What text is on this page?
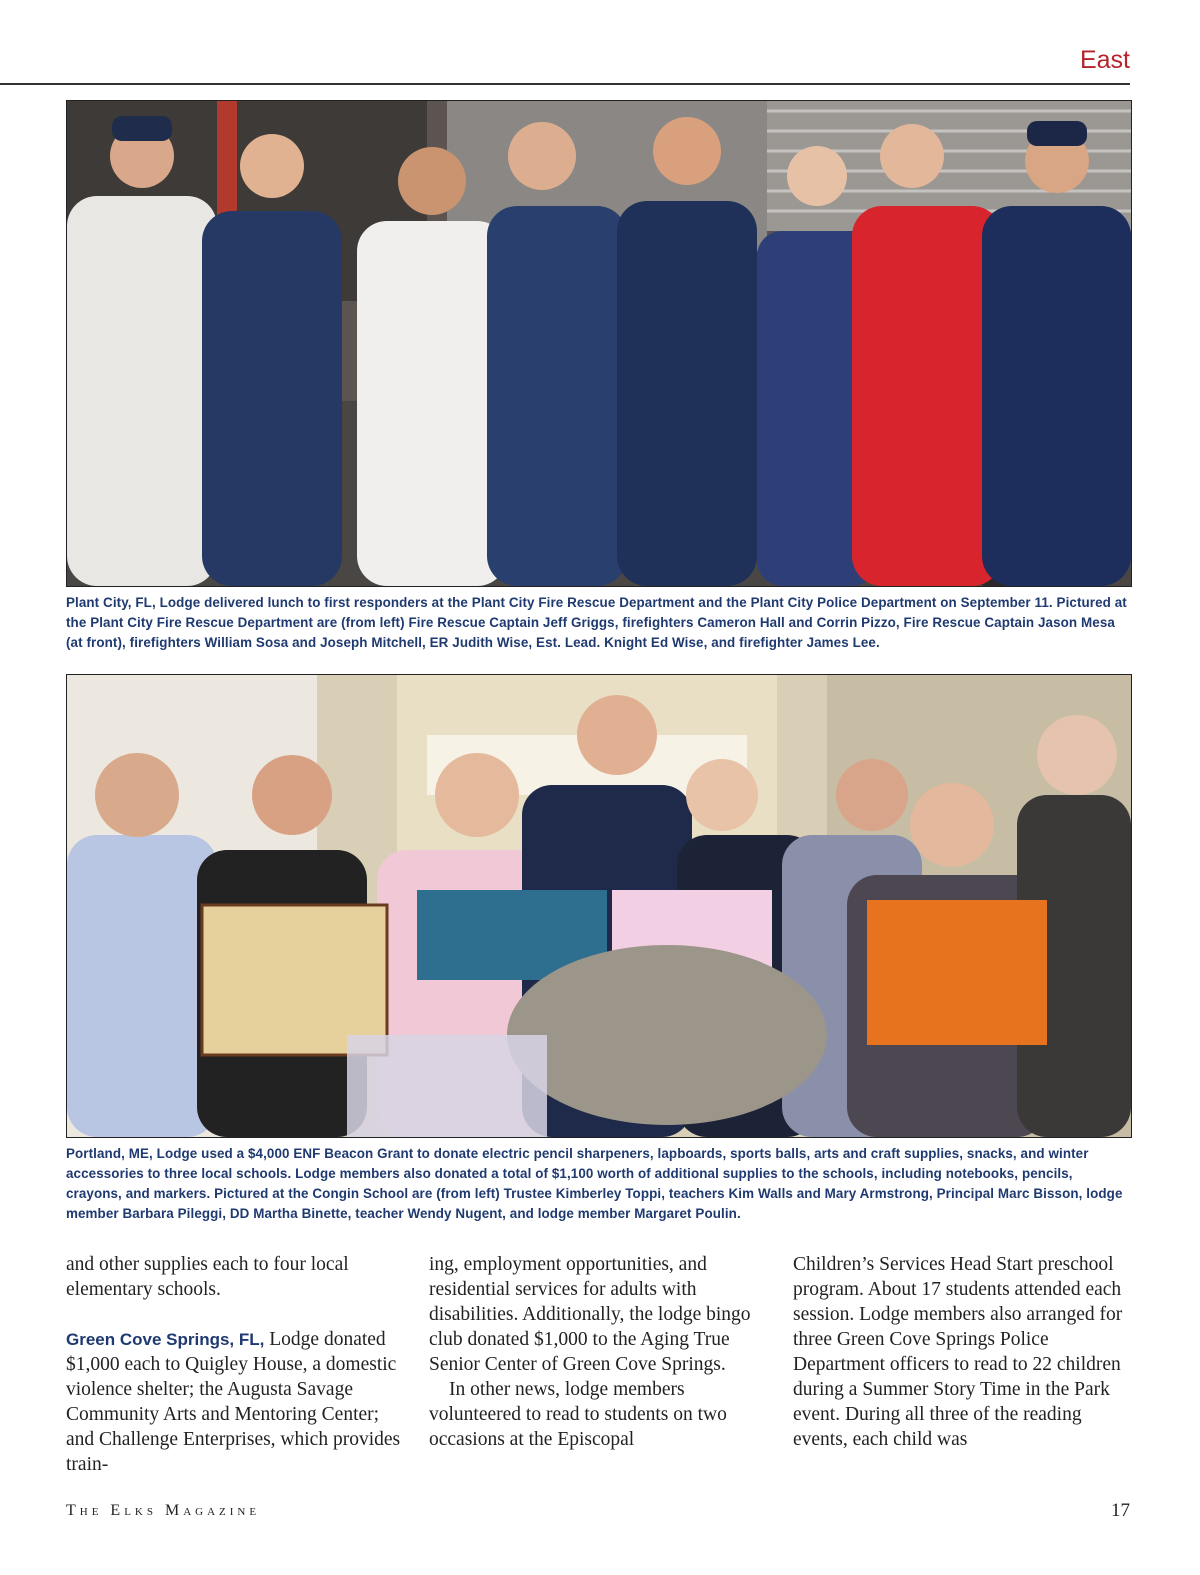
East
Plant City, FL, Lodge delivered lunch to first responders at the Plant City Fire Rescue Department and the Plant City Police Department on September 11. Pictured at the Plant City Fire Rescue Department are (from left) Fire Rescue Captain Jeff Griggs, firefighters Cameron Hall and Corrin Pizzo, Fire Rescue Captain Jason Mesa (at front), firefighters William Sosa and Joseph Mitchell, ER Judith Wise, Est. Lead. Knight Ed Wise, and firefighter James Lee.
Portland, ME, Lodge used a $4,000 ENF Beacon Grant to donate electric pencil sharpeners, lapboards, sports balls, arts and craft supplies, snacks, and winter accessories to three local schools. Lodge members also donated a total of $1,100 worth of additional supplies to the schools, including notebooks, pencils, crayons, and markers. Pictured at the Congin School are (from left) Trustee Kimberley Toppi, teachers Kim Walls and Mary Armstrong, Principal Marc Bisson, lodge member Barbara Pileggi, DD Martha Binette, teacher Wendy Nugent, and lodge member Margaret Poulin.

and other supplies each to four local elementary schools.

Green Cove Springs, FL, Lodge donated $1,000 each to Quigley House, a domestic violence shelter; the Augusta Savage Community Arts and Mentoring Center; and Challenge Enterprises, which provides train-

ing, employment opportunities, and residential services for adults with disabilities. Additionally, the lodge bingo club donated $1,000 to the Aging True Senior Center of Green Cove Springs.

In other news, lodge members volunteered to read to students on two occasions at the Episcopal

Children’s Services Head Start preschool program. About 17 students attended each session. Lodge members also arranged for three Green Cove Springs Police Department officers to read to 22 children during a Summer Story Time in the Park event. During all three of the reading events, each child was

The Elks Magazine	17
